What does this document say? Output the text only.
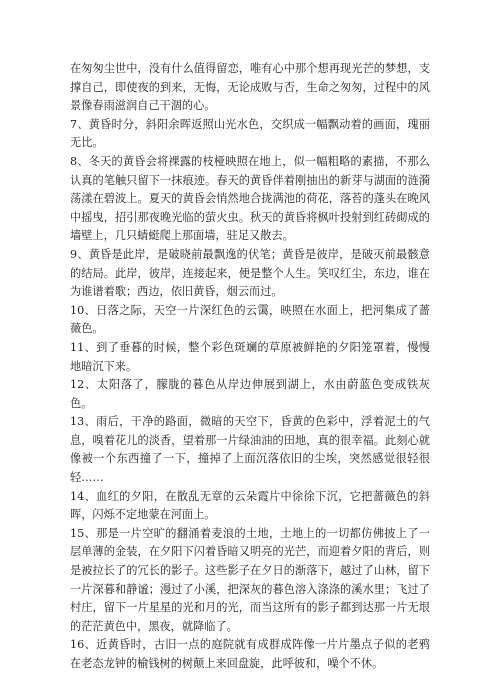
在匆匆尘世中，没有什么值得留恋，唯有心中那个想再现光芒的梦想，支撑自己，即使夜的到来，无悔，无论成败与否，生命之匆匆，过程中的风景像春雨滋润自己干涸的心。

7、黄昏时分，斜阳余晖返照山光水色，交织成一幅飘动着的画面，瑰丽无比。

8、冬天的黄昏会将裸露的枝桠映照在地上，似一幅粗略的素描，不那么认真的笔触只留下一抹痕迹。春天的黄昏伴着刚抽出的新芽与湖面的涟漪荡漾在碧波上。夏天的黄昏会悄然地合拢满池的荷花，落苔的蓬头在晚风中摇曳，招引那夜晚光临的萤火虫。秋天的黄昏将枫叶投射到红砖砌成的墙壁上，几只蜻蜓爬上那面墙，驻足又散去。

9、黄昏是此岸，是破晓前最飘逸的伏笔；黄昏是彼岸，是破灭前最骸意的结局。此岸，彼岸，连接起来，便是整个人生。笑叹红尘，东边，谁在为谁谱着歌；西边，依旧黄昏，烟云而过。

10、日落之际，天空一片深红色的云霭，映照在水面上，把河集成了蔷薇色。

11、到了垂暮的时候，整个彩色斑斓的草原被鲜艳的夕阳笼罩着，慢慢地暗沉下来。

12、太阳落了，朦胧的暮色从岸边伸展到湖上，水由蔚蓝色变成铁灰色。

13、雨后，干净的路面，微暗的天空下，昏黄的色彩中，浮着泥土的气息，嗅着花儿的淡香，望着那一片绿油油的田地，真的很幸福。此刻心就像被一个东西撞了一下，撞掉了上面沉落依旧的尘埃，突然感觉很轻很轻……

14、血红的夕阳，在散乱无章的云朵霞片中徐徐下沉，它把蔷薇色的斜晖，闪烁不定地蒙在河面上。

15、那是一片空旷的翻涌着麦浪的土地，土地上的一切都仿佛披上了一层单薄的金装，在夕阳下闪着昏暗又明亮的光芒，而迎着夕阳的背后，则是被拉长了的冗长的影子。这些影子在夕日的渐落下，越过了山林，留下一片深暮和静谧；漫过了小溪，把深灰的暮色溶入涤涤的溪水里；飞过了村庄，留下一片星星的光和月的光，而当这所有的影子都到达那一片无垠的茫茫黄色中，黑夜，就降临了。

16、近黄昏时，古旧一点的庭院就有成群成阵像一片片墨点子似的老鸦在老态龙钟的榆钱树的树颠上来回盘旋，此呼彼和，噪个不休。
